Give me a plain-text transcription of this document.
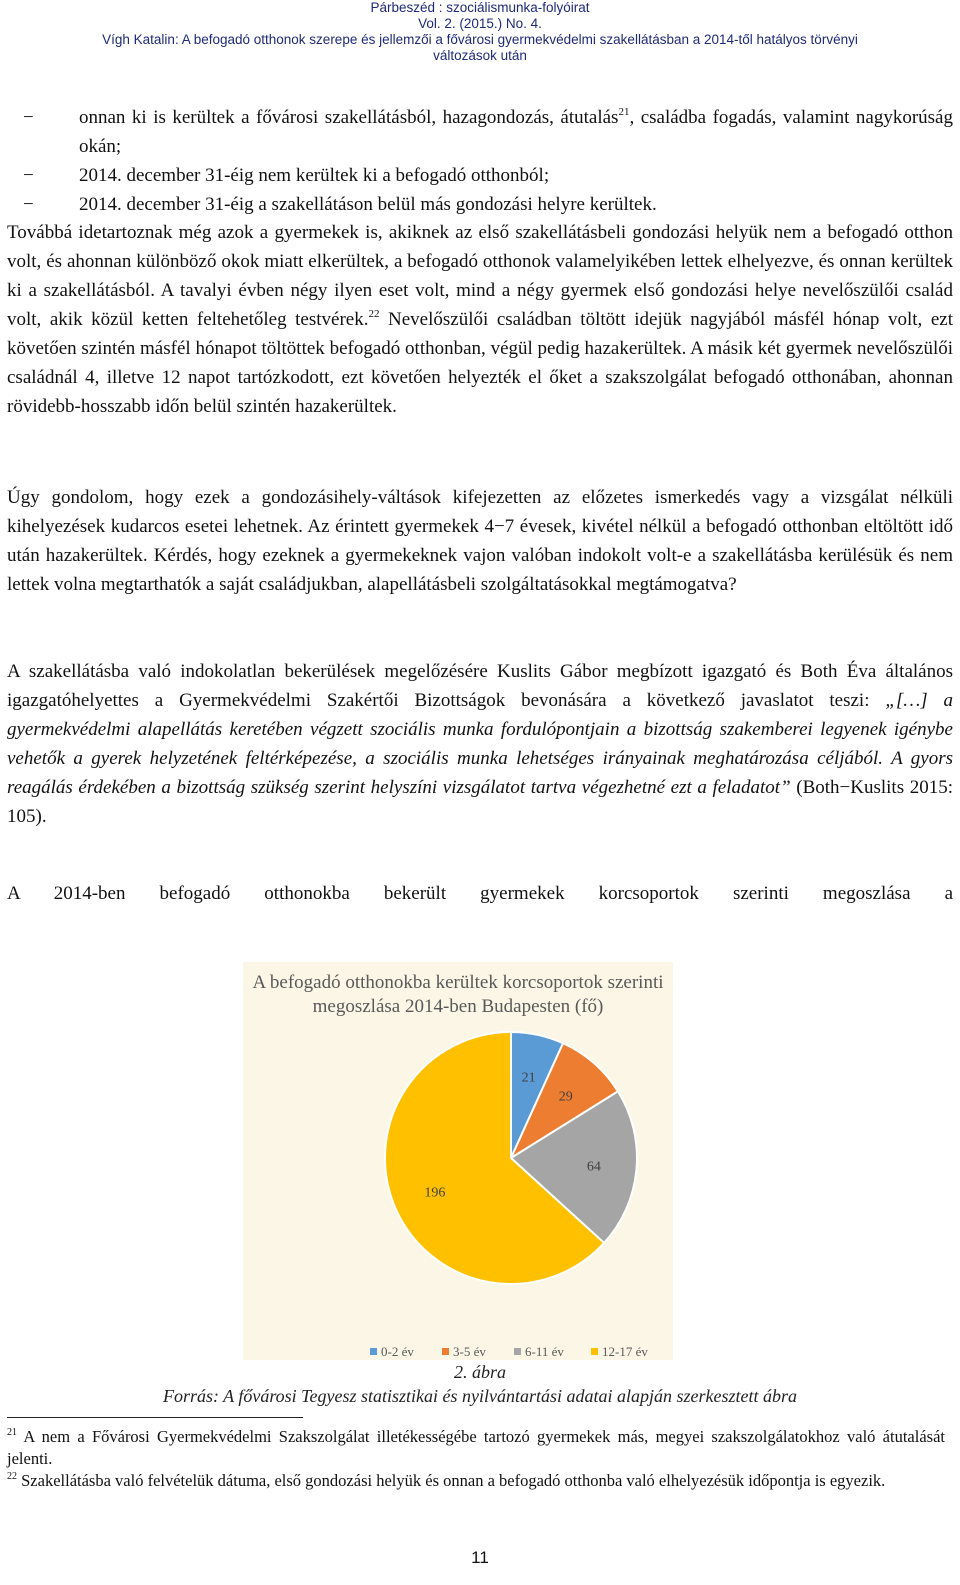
Párbeszéd : szociálismunka-folyóirat
Vol. 2. (2015.) No. 4.
Vígh Katalin: A befogadó otthonok szerepe és jellemzői a fővárosi gyermekvédelmi szakellátásban a 2014-től hatályos törvényi
változások után
− onnan ki is kerültek a fővárosi szakellátásból, hazagondozás, átutalás$^{21}$, családba fogadás, valamint nagykorúság okán;
− 2014. december 31-éig nem kerültek ki a befogadó otthonból;
− 2014. december 31-éig a szakellátáson belül más gondozási helyre kerültek.

Továbbá idetartoznak még azok a gyermekek is, akiknek az első szakellátásbeli gondozási helyük nem a befogadó otthon volt, és ahonnan különböző okok miatt elkerültek, a befogadó otthonok valamelyikében lettek elhelyezve, és onnan kerültek ki a szakellátásból. A tavalyi évben négy ilyen eset volt, mind a négy gyermek első gondozási helye nevelőszülői család volt, akik közül ketten feltehetőleg testvérek.$^{22}$ Nevelőszülői családban töltött idejük nagyjából másfél hónap volt, ezt követően szintén másfél hónapot töltöttek befogadó otthonban, végül pedig hazakerültek. A másik két gyermek nevelőszülői családnál 4, illetve 12 napot tartózkodott, ezt követően helyezték el őket a szakszolgálat befogadó otthonában, ahonnan rövidebb-hosszabb időn belül szintén hazakerültek.

Úgy gondolom, hogy ezek a gondozásihely-váltások kifejezetten az előzetes ismerkedés vagy a vizsgálat nélküli kihelyezések kudarcos esetei lehetnek. Az érintett gyermekek 4−7 évesek, kivétel nélkül a befogadó otthonban eltöltött idő után hazakerültek. Kérdés, hogy ezeknek a gyermekeknek vajon valóban indokolt volt-e a szakellátásba kerülésük és nem lettek volna megtarthatók a saját családjukban, alapellátásbeli szolgáltatásokkal megtámogatva?

A szakellátásba való indokolatlan bekerülések megelőzésére Kuslits Gábor megbízott igazgató és Both Éva általános igazgatóhelyettes a Gyermekvédelmi Szakértői Bizottságok bevonására a következő javaslatot teszi: „[…] a gyermekvédelmi alapellátás keretében végzett szociális munka fordulópontjain a bizottság szakemberei legyenek igénybe vehetők a gyerek helyzetének feltérképezése, a szociális munka lehetséges irányainak meghatározása céljából. A gyors reagálás érdekében a bizottság szükség szerint helyszíni vizsgálatot tartva végezhetné ezt a feladatot” (Both−Kuslits 2015: 105).

A 2014-ben befogadó otthonokba bekerült gyermekek korcsoportok szerinti megoszlása a

A befogadó otthonokba kerültek korcsoportok szerinti
megoszlása 2014-ben Budapesten (fő)
21
29
64
196
0-2 év	3-5 év	6-11 év	12-17 év
2. ábra
Forrás: A fővárosi Tegyesz statisztikai és nyilvántartási adatai alapján szerkesztett ábra

$^{21}$ A nem a Fővárosi Gyermekvédelmi Szakszolgálat illetékességébe tartozó gyermekek más, megyei szakszolgálatokhoz való átutalását jelenti.

$^{22}$ Szakellátásba való felvételük dátuma, első gondozási helyük és onnan a befogadó otthonba való elhelyezésük időpontja is egyezik.

11
